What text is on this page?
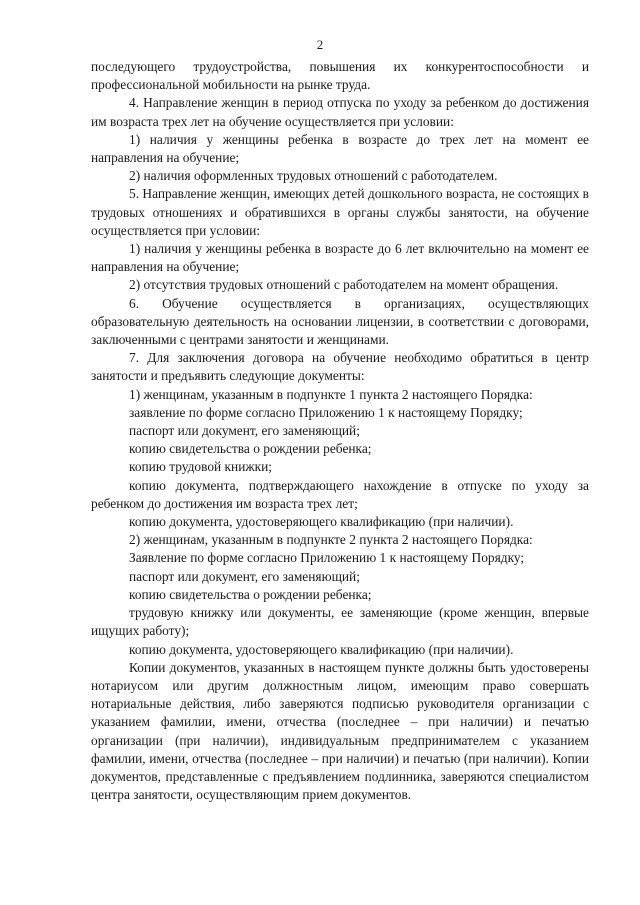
2

последующего трудоустройства, повышения их конкурентоспособности и профессиональной мобильности на рынке труда.

4. Направление женщин в период отпуска по уходу за ребенком до достижения им возраста трех лет на обучение осуществляется при условии:

1) наличия у женщины ребенка в возрасте до трех лет на момент ее направления на обучение;

2) наличия оформленных трудовых отношений с работодателем.

5. Направление женщин, имеющих детей дошкольного возраста, не состоящих в трудовых отношениях и обратившихся в органы службы занятости, на обучение осуществляется при условии:

1) наличия у женщины ребенка в возрасте до 6 лет включительно на момент ее направления на обучение;

2) отсутствия трудовых отношений с работодателем на момент обращения.

6. Обучение осуществляется в организациях, осуществляющих образовательную деятельность на основании лицензии, в соответствии с договорами, заключенными с центрами занятости и женщинами.

7. Для заключения договора на обучение необходимо обратиться в центр занятости и предъявить следующие документы:

1) женщинам, указанным в подпункте 1 пункта 2 настоящего Порядка:

заявление по форме согласно Приложению 1 к настоящему Порядку;

паспорт или документ, его заменяющий;

копию свидетельства о рождении ребенка;

копию трудовой книжки;

копию документа, подтверждающего нахождение в отпуске по уходу за ребенком до достижения им возраста трех лет;

копию документа, удостоверяющего квалификацию (при наличии).

2) женщинам, указанным в подпункте 2 пункта 2 настоящего Порядка:

Заявление по форме согласно Приложению 1 к настоящему Порядку;

паспорт или документ, его заменяющий;

копию свидетельства о рождении ребенка;

трудовую книжку или документы, ее заменяющие (кроме женщин, впервые ищущих работу);

копию документа, удостоверяющего квалификацию (при наличии).

Копии документов, указанных в настоящем пункте должны быть удостоверены нотариусом или другим должностным лицом, имеющим право совершать нотариальные действия, либо заверяются подписью руководителя организации с указанием фамилии, имени, отчества (последнее – при наличии) и печатью организации (при наличии), индивидуальным предпринимателем с указанием фамилии, имени, отчества (последнее – при наличии) и печатью (при наличии). Копии документов, представленные с предъявлением подлинника, заверяются специалистом центра занятости, осуществляющим прием документов.
